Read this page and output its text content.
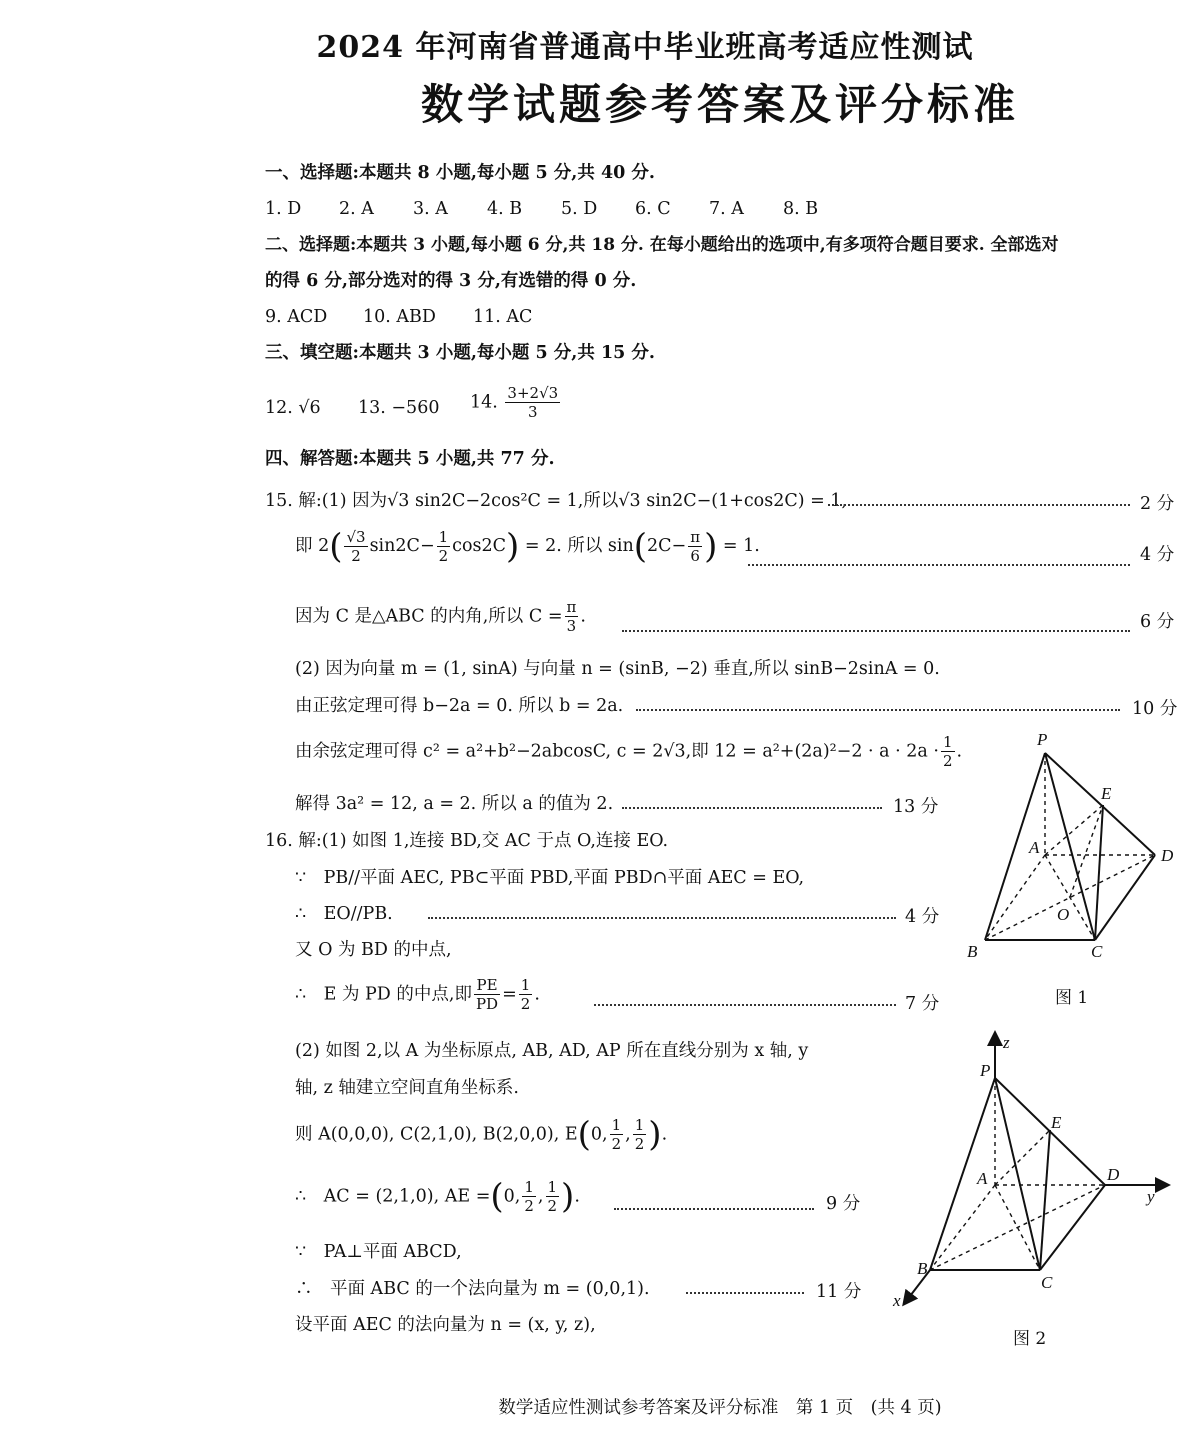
2024 年河南省普通高中毕业班高考适应性测试
数学试题参考答案及评分标准
一、选择题:本题共 8 小题,每小题 5 分,共 40 分.
1. D 2. A 3. A 4. B 5. D 6. C 7. A 8. B
二、选择题:本题共 3 小题,每小题 6 分,共 18 分. 在每小题给出的选项中,有多项符合题目要求. 全部选对
的得 6 分,部分选对的得 3 分,有选错的得 0 分.
9. ACD 10. ABD 11. AC
三、填空题:本题共 3 小题,每小题 5 分,共 15 分.
12. √6 13. −560 14. $\frac{3+2√3}{3}$
四、解答题:本题共 5 小题,共 77 分.
15. 解:(1) 因为√3 sin2C−2cos²C = 1,所以√3 sin2C−(1+cos2C) = 1,	2 分
即 $2( \frac{√3}{2} \sin 2C- \frac{1}{2} \cos 2C) = 2$. 所以 $\sin(2C- \frac{\pi}{6}$ ) = 1.	4 分
因为 C 是△ABC 的内角,所以 $C = \frac{\pi}{3}$ .	6 分
(2) 因为向量 m = (1, sinA) 与向量 n = (sinB, −2) 垂直,所以 sinB−2sinA = 0.
由正弦定理可得 b−2a = 0. 所以 b = 2a.	10 分
由余弦定理可得 c² = a²+b²−2abcosC, c = 2√3,即 $12 = a^2+(2a)^2-2 \cdot a \cdot 2a \cdot \frac{1}{2}$ .
解得 3a² = 12, a = 2. 所以 a 的值为 2.	13 分
16. 解:(1) 如图 1,连接 BD,交 AC 于点 O,连接 EO.
∵　PB//平面 AEC, PB⊂平面 PBD,平面 PBD∩平面 AEC = EO,
∴　EO//PB.	4 分
又 O 为 BD 的中点,
∴　E 为 PD 的中点,即 $\frac{PE}{PD} = \frac{1}{2}$ .	7 分
(2) 如图 2,以 A 为坐标原点, AB, AD, AP 所在直线分别为 x 轴, y
轴, z 轴建立空间直角坐标系.
则 A(0,0,0), C(2,1,0), B(2,0,0), E(0, $\frac{1}{2}$ , $\frac{1}{2}$ ).
∴　AC = (2,1,0), AE =(0, $\frac{1}{2}$ , $\frac{1}{2}$ ).	9 分
∵　PA⊥平面 ABCD,
∴　平面 ABC 的一个法向量为 m = (0,0,1).	11 分
设平面 AEC 的法向量为 n = (x, y, z),
P
E
A	D
O
B	C
图 1
z
P
E
A	D
y
B
C
x
图 2
数学适应性测试参考答案及评分标准　第 1 页　(共 4 页)
